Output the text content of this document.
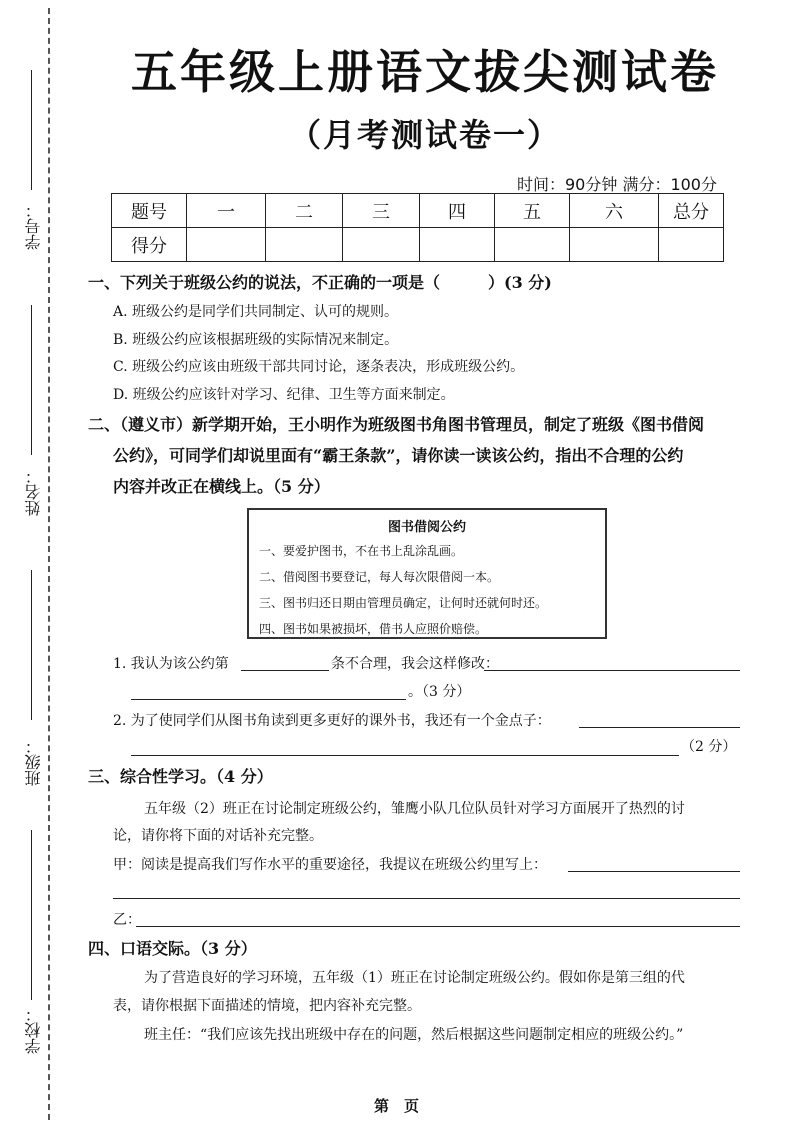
学号：
姓名：
班级：
学校：
五年级上册语文拔尖测试卷
（月考测试卷一）
时间：90分钟 满分：100分
题号	一	二	三	四	五	六	总分
得分							
一、下列关于班级公约的说法，不正确的一项是（　　　）(3 分)
A. 班级公约是同学们共同制定、认可的规则。
B. 班级公约应该根据班级的实际情况来制定。
C. 班级公约应该由班级干部共同讨论，逐条表决，形成班级公约。
D. 班级公约应该针对学习、纪律、卫生等方面来制定。
二、（遵义市）新学期开始，王小明作为班级图书角图书管理员，制定了班级《图书借阅
公约》，可同学们却说里面有“霸王条款”，请你读一读该公约，指出不合理的公约
内容并改正在横线上。（5 分）
图书借阅公约
一、要爱护图书，不在书上乱涂乱画。
二、借阅图书要登记，每人每次限借阅一本。
三、图书归还日期由管理员确定，让何时还就何时还。
四、图书如果被损坏，借书人应照价赔偿。
1. 我认为该公约第	条不合理，我会这样修改：
。（3 分）
2. 为了使同学们从图书角读到更多更好的课外书，我还有一个金点子：
（2 分）
三、综合性学习。（4 分）
五年级（2）班正在讨论制定班级公约，雏鹰小队几位队员针对学习方面展开了热烈的讨
论，请你将下面的对话补充完整。
甲：阅读是提高我们写作水平的重要途径，我提议在班级公约里写上：
乙：
四、口语交际。（3 分）
为了营造良好的学习环境，五年级（1）班正在讨论制定班级公约。假如你是第三组的代
表，请你根据下面描述的情境，把内容补充完整。
班主任：“我们应该先找出班级中存在的问题，然后根据这些问题制定相应的班级公约。”
第　页
